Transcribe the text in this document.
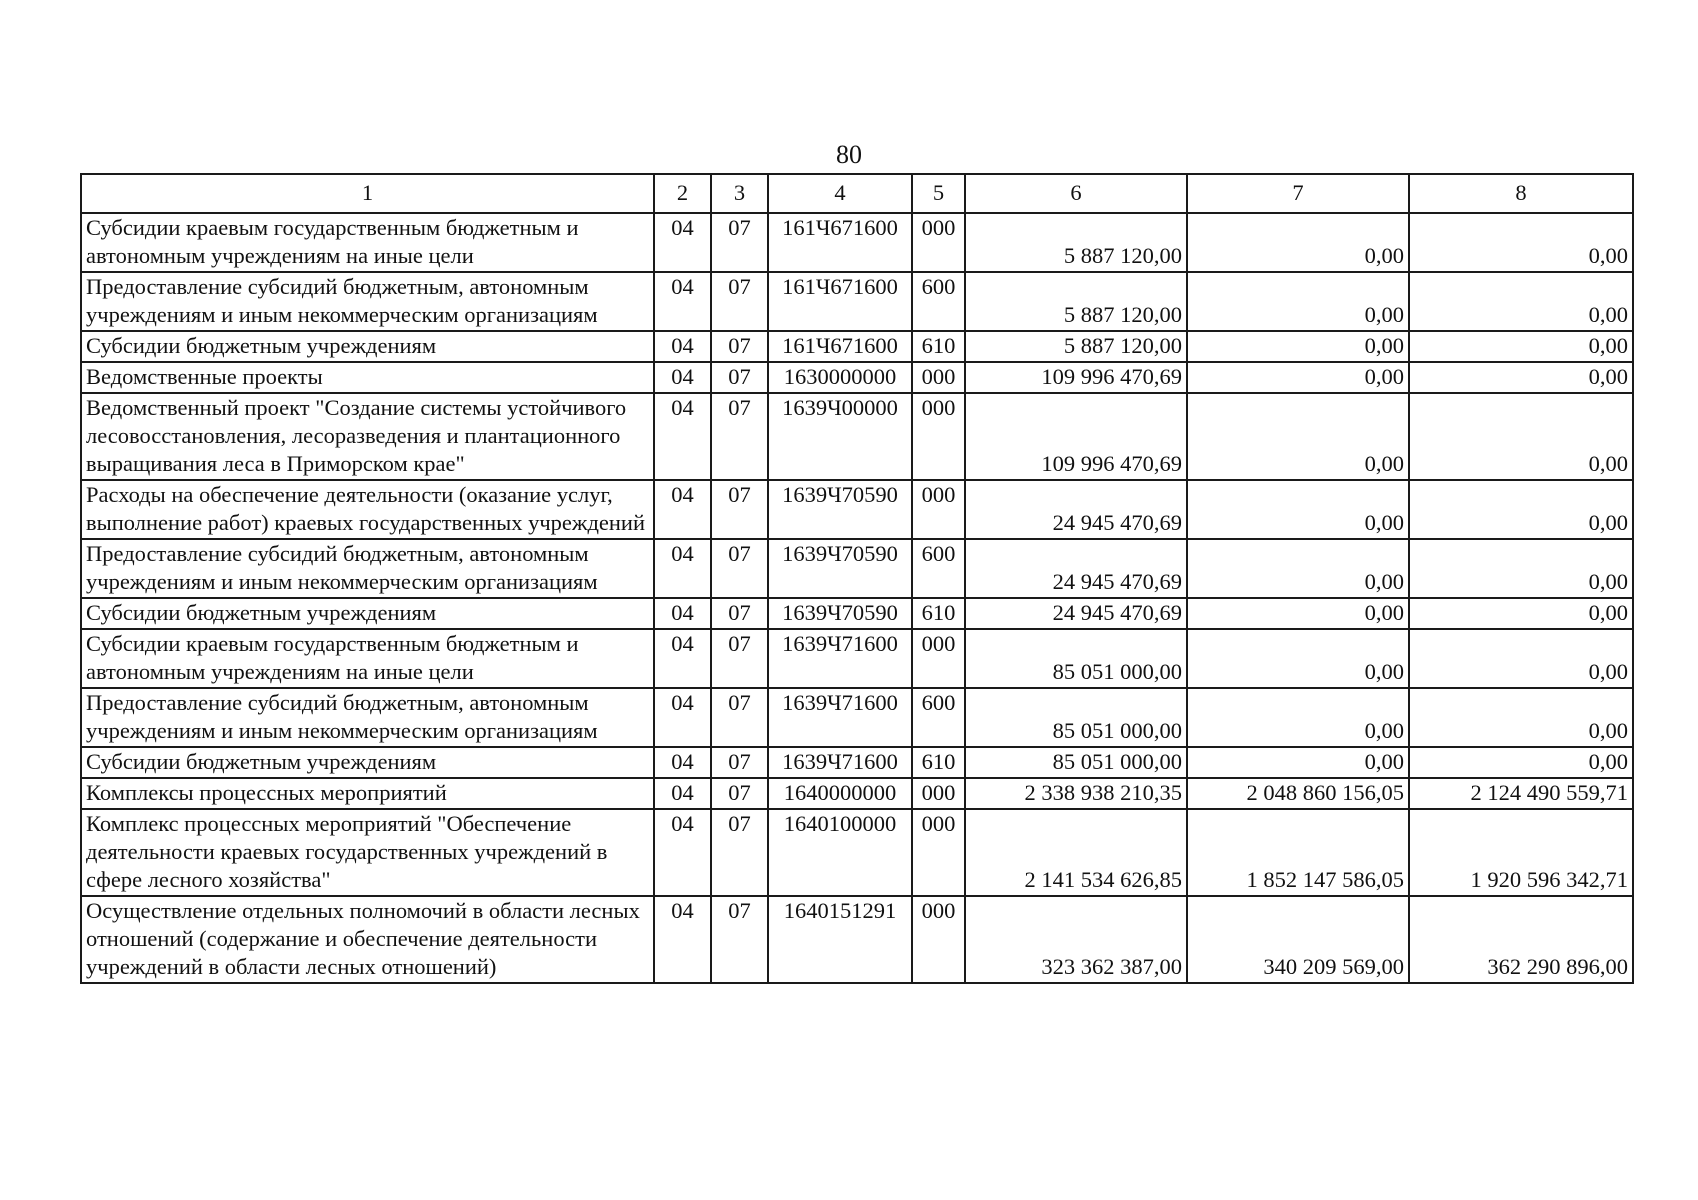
80
1	2	3	4	5	6	7	8
Субсидии краевым государственным бюджетным и автономным учреждениям на иные цели	04	07	161Ч671600	000	5 887 120,00	0,00	0,00
Предоставление субсидий бюджетным, автономным учреждениям и иным некоммерческим организациям	04	07	161Ч671600	600	5 887 120,00	0,00	0,00
Субсидии бюджетным учреждениям	04	07	161Ч671600	610	5 887 120,00	0,00	0,00
Ведомственные проекты	04	07	1630000000	000	109 996 470,69	0,00	0,00
Ведомственный проект "Создание системы устойчивого лесовосстановления, лесоразведения и плантационного выращивания леса в Приморском крае"	04	07	1639Ч00000	000	109 996 470,69	0,00	0,00
Расходы на обеспечение деятельности (оказание услуг, выполнение работ) краевых государственных учреждений	04	07	1639Ч70590	000	24 945 470,69	0,00	0,00
Предоставление субсидий бюджетным, автономным учреждениям и иным некоммерческим организациям	04	07	1639Ч70590	600	24 945 470,69	0,00	0,00
Субсидии бюджетным учреждениям	04	07	1639Ч70590	610	24 945 470,69	0,00	0,00
Субсидии краевым государственным бюджетным и автономным учреждениям на иные цели	04	07	1639Ч71600	000	85 051 000,00	0,00	0,00
Предоставление субсидий бюджетным, автономным учреждениям и иным некоммерческим организациям	04	07	1639Ч71600	600	85 051 000,00	0,00	0,00
Субсидии бюджетным учреждениям	04	07	1639Ч71600	610	85 051 000,00	0,00	0,00
Комплексы процессных мероприятий	04	07	1640000000	000	2 338 938 210,35	2 048 860 156,05	2 124 490 559,71
Комплекс процессных мероприятий "Обеспечение деятельности краевых государственных учреждений в сфере лесного хозяйства"	04	07	1640100000	000	2 141 534 626,85	1 852 147 586,05	1 920 596 342,71
Осуществление отдельных полномочий в области лесных отношений (содержание и обеспечение деятельности учреждений в области лесных отношений)	04	07	1640151291	000	323 362 387,00	340 209 569,00	362 290 896,00
